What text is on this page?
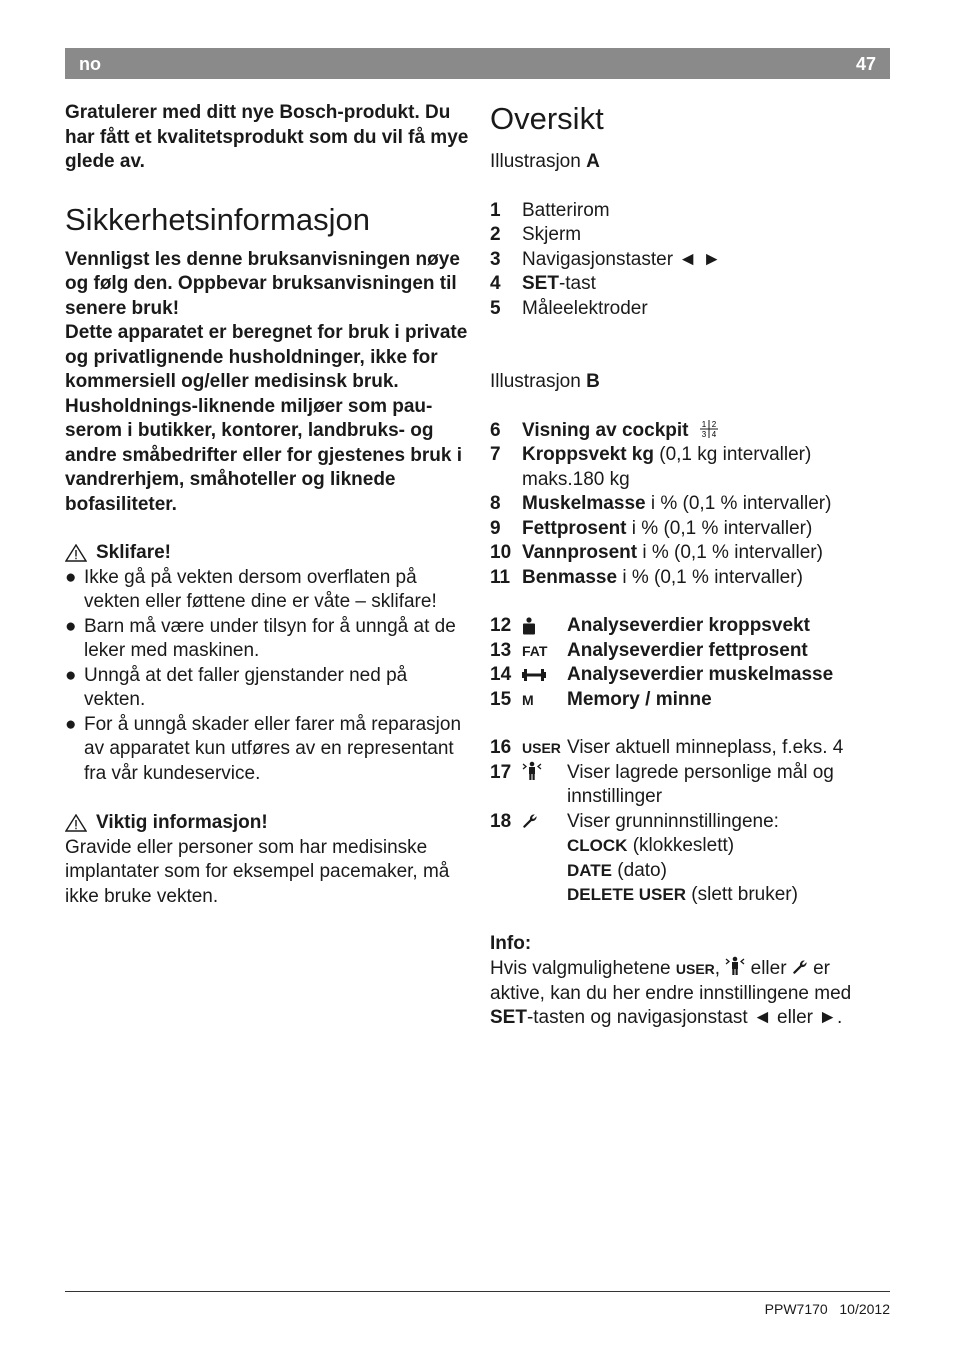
no	47

Gratulerer med ditt nye Bosch-produkt. Du har fått et kvalitetsprodukt som du vil få mye glede av.

Sikkerhetsinformasjon

Vennligst les denne bruksanvisningen nøye og følg den. Oppbevar bruksanvisningen til senere bruk!

Dette apparatet er beregnet for bruk i private og privatlignende husholdninger, ikke for kommersiell og/eller medisinsk bruk.

Husholdnings-liknende miljøer som pauserom i butikker, kontorer, landbruks- og andre småbedrifter eller for gjestenes bruk i vandrerhjem, småhoteller og liknede bofasiliteter.

Sklifare!
● Ikke gå på vekten dersom overflaten på vekten eller føttene dine er våte – sklifare!
● Barn må være under tilsyn for å unngå at de leker med maskinen.
● Unngå at det faller gjenstander ned på vekten.
● For å unngå skader eller farer må reparasjon av apparatet kun utføres av en representant fra vår kundeservice.
Viktig informasjon!

Gravide eller personer som har medisinske implantater som for eksempel pacemaker, må ikke bruke vekten.

Oversikt

Illustrasjon A

1	Batterirom
2	Skjerm
3	Navigasjonstaster ◄ ►
4	SET-tast
5	Måleelektroder

Illustrasjon B

6	Visning av cockpit 1 2
3 4
7	Kroppsvekt kg (0,1 kg intervaller)
maks.180 kg
8	Muskelmasse i % (0,1 % intervaller)
9	Fettprosent i % (0,1 % intervaller)
10 Vannprosent i % (0,1 % intervaller)
11 Benmasse i % (0,1 % intervaller)
12	Analyseverdier kroppsvekt
13 FAT	Analyseverdier fettprosent
14	Analyseverdier muskelmasse
15 M	Memory / minne
16 USER Viser aktuell minneplass, f.eks. 4
17	Viser lagrede personlige mål og innstillinger
18	Viser grunninnstillingene:
CLOCK (klokkeslett)
DATE (dato)
DELETE USER (slett bruker)

Info:

Hvis valgmulighetene USER,
eller
er aktive, kan du her endre innstillingene med SET-tasten og navigasjonstast ◄ eller ►.

PPW7170 10/2012
